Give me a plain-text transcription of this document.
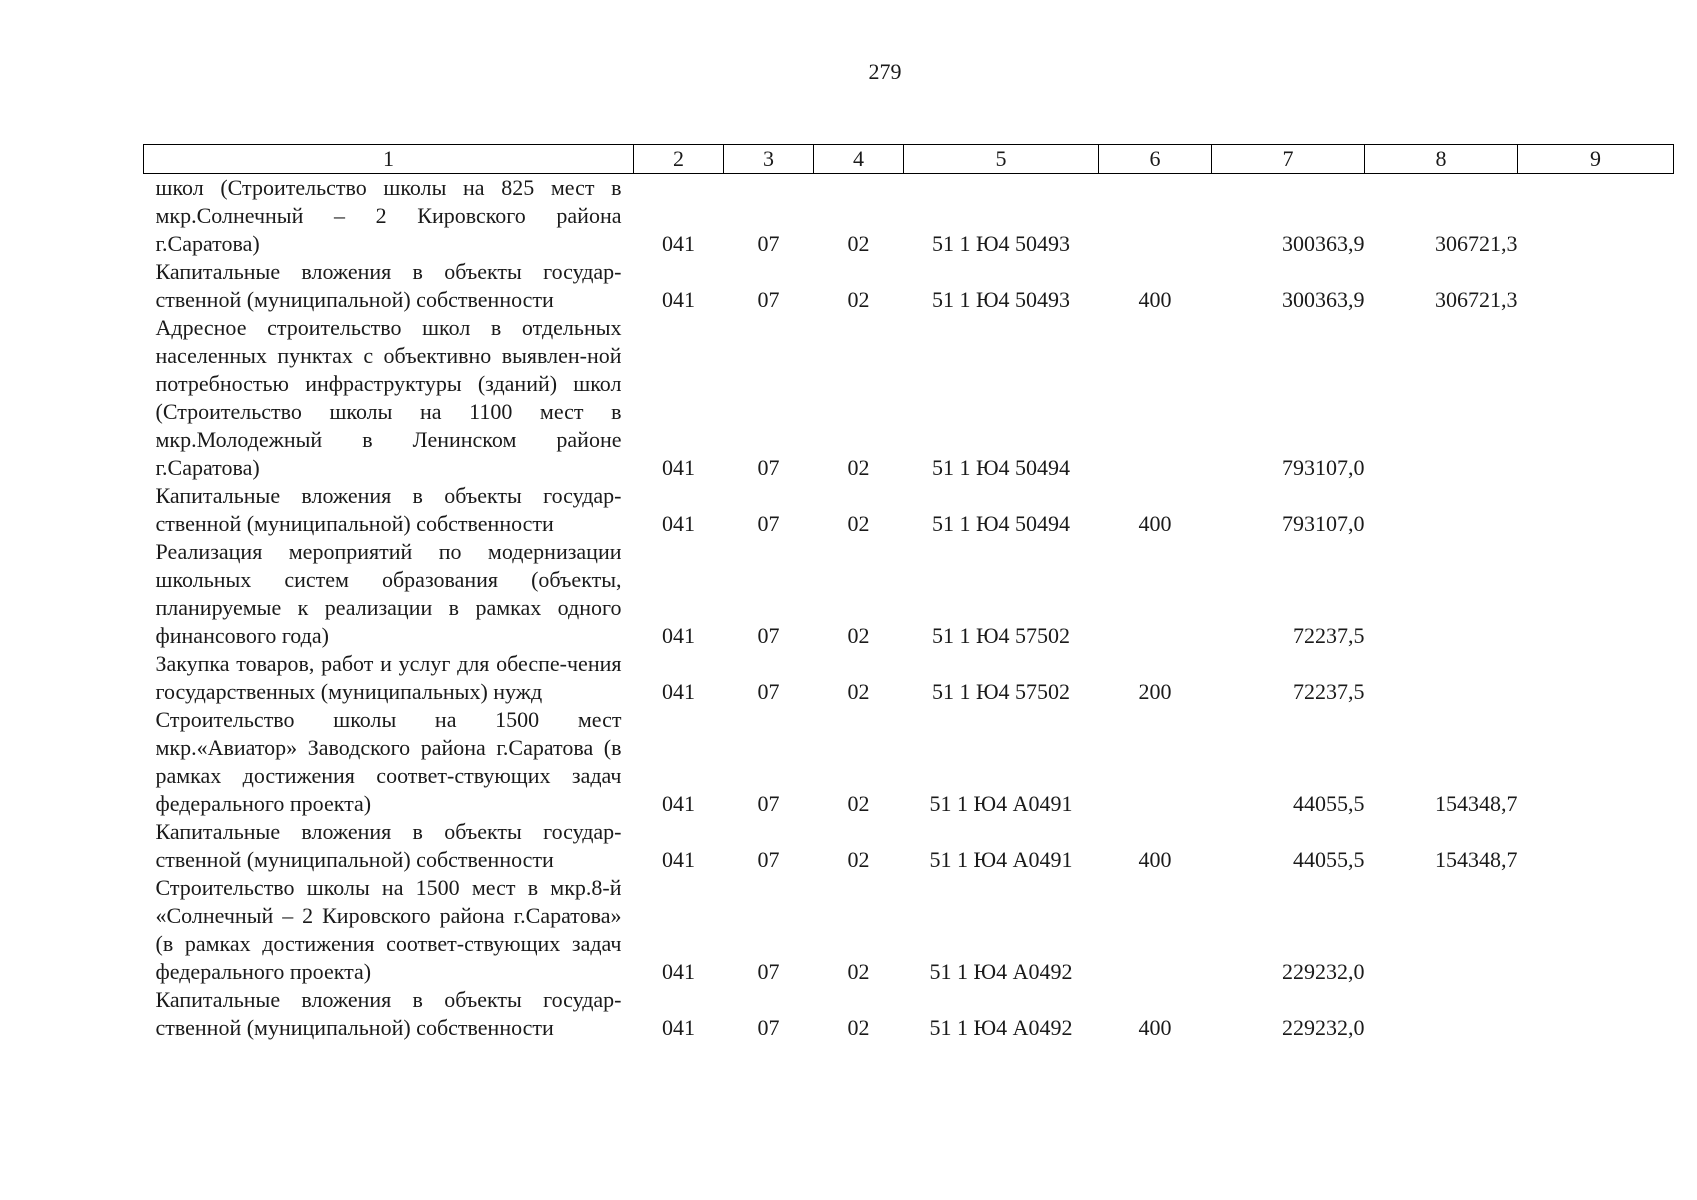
279
1	2	3	4	5	6	7	8	9
школ (Строительство школы на 825 мест в мкр.Солнечный – 2 Кировского района г.Саратова)	041	07	02	51 1 Ю4 50493		300363,9	306721,3	
Капитальные вложения в объекты государ-ственной (муниципальной) собственности	041	07	02	51 1 Ю4 50493	400	300363,9	306721,3	
Адресное строительство школ в отдельных населенных пунктах с объективно выявлен-ной потребностью инфраструктуры (зданий) школ (Строительство школы на 1100 мест в мкр.Молодежный в Ленинском районе г.Саратова)	041	07	02	51 1 Ю4 50494		793107,0		
Капитальные вложения в объекты государ-ственной (муниципальной) собственности	041	07	02	51 1 Ю4 50494	400	793107,0		
Реализация мероприятий по модернизации школьных систем образования (объекты, планируемые к реализации в рамках одного финансового года)	041	07	02	51 1 Ю4 57502		72237,5		
Закупка товаров, работ и услуг для обеспе-чения государственных (муниципальных) нужд	041	07	02	51 1 Ю4 57502	200	72237,5		
Строительство школы на 1500 мест мкр.«Авиатор» Заводского района г.Саратова (в рамках достижения соответ-ствующих задач федерального проекта)	041	07	02	51 1 Ю4 А0491		44055,5	154348,7	
Капитальные вложения в объекты государ-ственной (муниципальной) собственности	041	07	02	51 1 Ю4 А0491	400	44055,5	154348,7	
Строительство школы на 1500 мест в мкр.8-й «Солнечный – 2 Кировского района г.Саратова» (в рамках достижения соответ-ствующих задач федерального проекта)	041	07	02	51 1 Ю4 А0492		229232,0		
Капитальные вложения в объекты государ-ственной (муниципальной) собственности	041	07	02	51 1 Ю4 А0492	400	229232,0		
